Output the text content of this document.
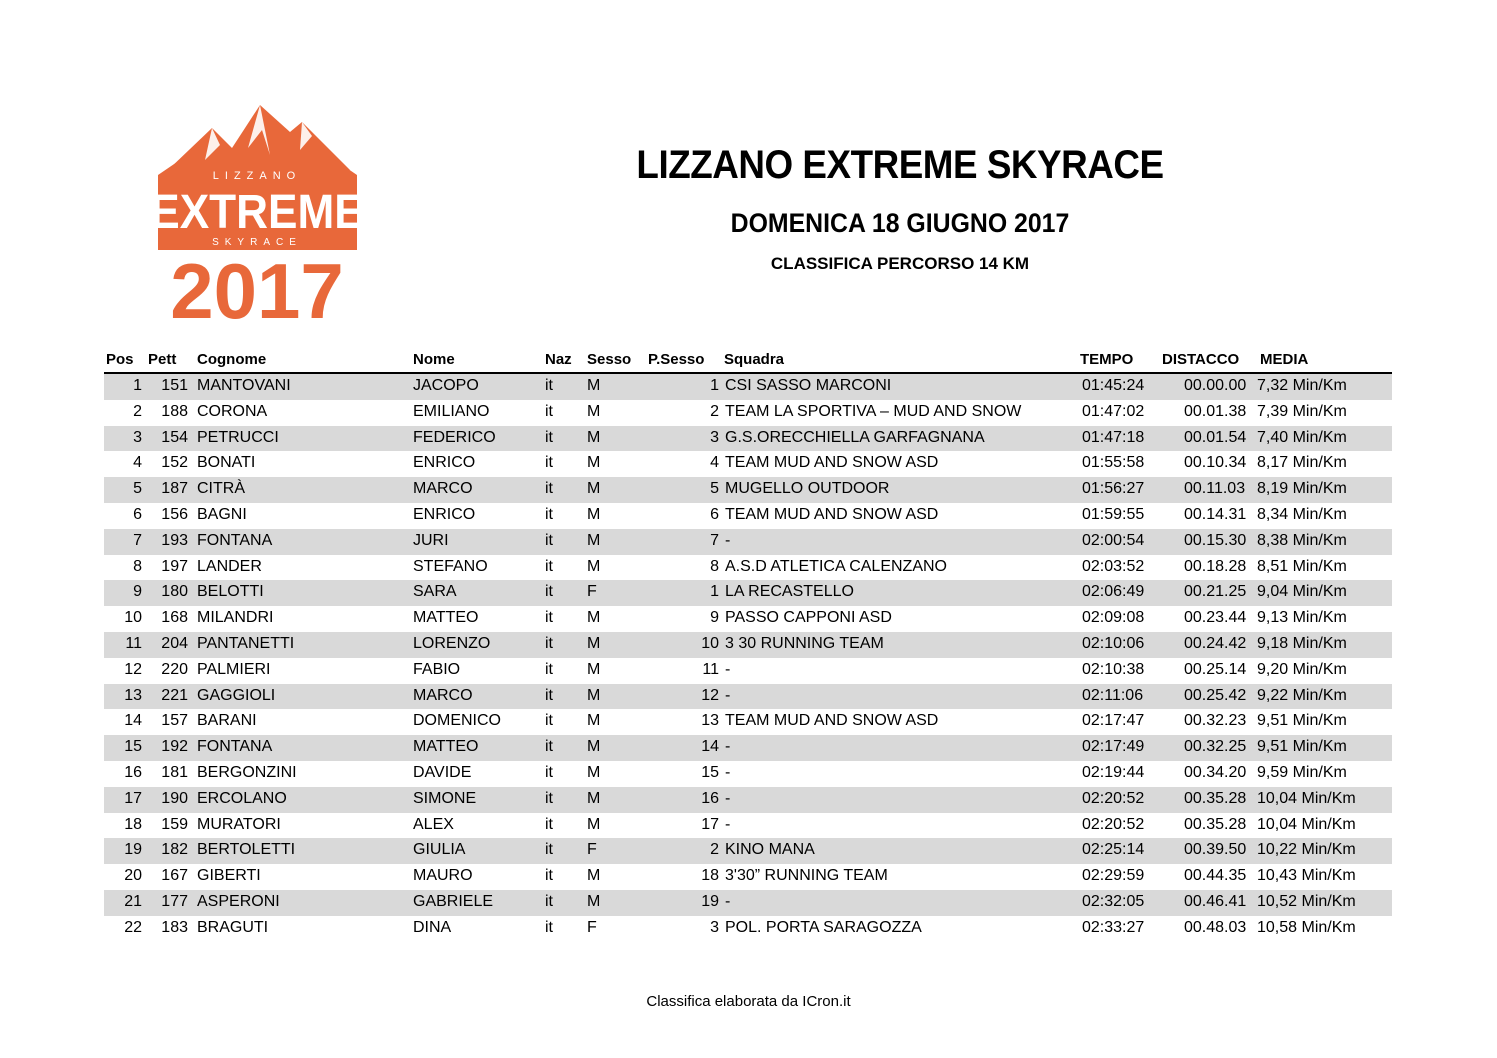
LIZZANO
EXTREME
SKYRACE
2017
LIZZANO EXTREME SKYRACE
DOMENICA 18 GIUGNO 2017
CLASSIFICA PERCORSO 14 KM
Pos Pett Cognome	Nome	Naz Sesso P.Sesso Squadra	TEMPO DISTACCO MEDIA
1 151 MANTOVANI	JACOPO	it M	1 CSI SASSO MARCONI	01:45:24 00.00.00 7,32 Min/Km
2 188 CORONA	EMILIANO	it M	2 TEAM LA SPORTIVA – MUD AND SNOW	01:47:02 00.01.38 7,39 Min/Km
3 154 PETRUCCI	FEDERICO	it M	3 G.S.ORECCHIELLA GARFAGNANA	01:47:18 00.01.54 7,40 Min/Km
4 152 BONATI	ENRICO	it M	4 TEAM MUD AND SNOW ASD	01:55:58 00.10.34 8,17 Min/Km
5 187 CITRÀ	MARCO	it M	5 MUGELLO OUTDOOR	01:56:27 00.11.03 8,19 Min/Km
6 156 BAGNI	ENRICO	it M	6 TEAM MUD AND SNOW ASD	01:59:55 00.14.31 8,34 Min/Km
7 193 FONTANA	JURI	it M	7 -	02:00:54 00.15.30 8,38 Min/Km
8 197 LANDER	STEFANO	it M	8 A.S.D ATLETICA CALENZANO	02:03:52 00.18.28 8,51 Min/Km
9 180 BELOTTI	SARA	it F	1 LA RECASTELLO	02:06:49 00.21.25 9,04 Min/Km
10 168 MILANDRI	MATTEO	it M	9 PASSO CAPPONI ASD	02:09:08 00.23.44 9,13 Min/Km
11 204 PANTANETTI	LORENZO	it M	10 3 30 RUNNING TEAM	02:10:06 00.24.42 9,18 Min/Km
12 220 PALMIERI	FABIO	it M	11 -	02:10:38 00.25.14 9,20 Min/Km
13 221 GAGGIOLI	MARCO	it M	12 -	02:11:06	00.25.42 9,22 Min/Km
14 157 BARANI	DOMENICO	it M	13 TEAM MUD AND SNOW ASD	02:17:47 00.32.23 9,51 Min/Km
15 192 FONTANA	MATTEO	it M	14 -	02:17:49 00.32.25 9,51 Min/Km
16 181 BERGONZINI	DAVIDE	it M	15 -	02:19:44 00.34.20 9,59 Min/Km
17 190 ERCOLANO	SIMONE	it M	16 -	02:20:52 00.35.28 10,04 Min/Km
18 159 MURATORI	ALEX	it M	17 -	02:20:52 00.35.28 10,04 Min/Km
19 182 BERTOLETTI	GIULIA	it F	2 KINO MANA	02:25:14 00.39.50 10,22 Min/Km
20 167 GIBERTI	MAURO	it M	18 3'30” RUNNING TEAM	02:29:59 00.44.35 10,43 Min/Km
21 177 ASPERONI	GABRIELE	it M	19 -	02:32:05 00.46.41 10,52 Min/Km
22 183 BRAGUTI	DINA	it F	3 POL. PORTA SARAGOZZA	02:33:27 00.48.03 10,58 Min/Km
Classifica elaborata da ICron.it
